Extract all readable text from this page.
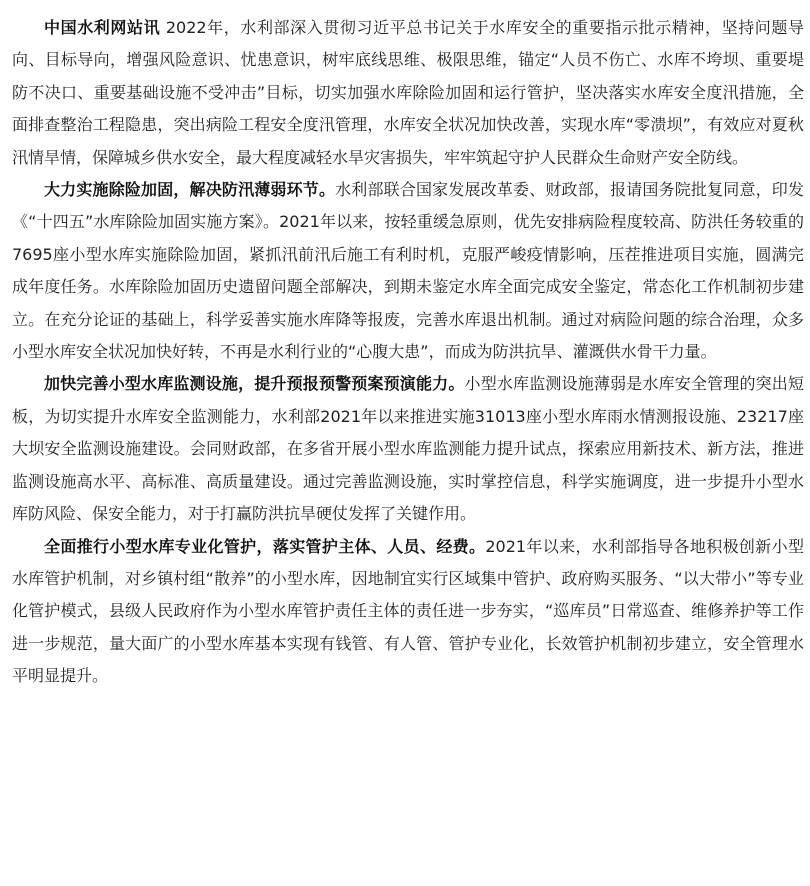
中国水利网站讯 2022年，水利部深入贯彻习近平总书记关于水库安全的重要指示批示精神，坚持问题导向、目标导向，增强风险意识、忧患意识，树牢底线思维、极限思维，锚定“人员不伤亡、水库不垮坝、重要堤防不决口、重要基础设施不受冲击”目标，切实加强水库除险加固和运行管护，坚决落实水库安全度汛措施，全面排查整治工程隐患，突出病险工程安全度汛管理，水库安全状况加快改善，实现水库“零溃坝”，有效应对夏秋汛情旱情，保障城乡供水安全，最大程度减轻水旱灾害损失，牢牢筑起守护人民群众生命财产安全防线。

大力实施除险加固，解决防汛薄弱环节。水利部联合国家发展改革委、财政部，报请国务院批复同意，印发《“十四五”水库除险加固实施方案》。2021年以来，按轻重缓急原则，优先安排病险程度较高、防洪任务较重的7695座小型水库实施除险加固，紧抓汛前汛后施工有利时机，克服严峻疫情影响，压茬推进项目实施，圆满完成年度任务。水库除险加固历史遗留问题全部解决，到期未鉴定水库全面完成安全鉴定，常态化工作机制初步建立。在充分论证的基础上，科学妥善实施水库降等报废，完善水库退出机制。通过对病险问题的综合治理，众多小型水库安全状况加快好转，不再是水利行业的“心腹大患”，而成为防洪抗旱、灌溉供水骨干力量。

加快完善小型水库监测设施，提升预报预警预案预演能力。小型水库监测设施薄弱是水库安全管理的突出短板，为切实提升水库安全监测能力，水利部2021年以来推进实施31013座小型水库雨水情测报设施、23217座大坝安全监测设施建设。会同财政部，在多省开展小型水库监测能力提升试点，探索应用新技术、新方法，推进监测设施高水平、高标准、高质量建设。通过完善监测设施，实时掌控信息，科学实施调度，进一步提升小型水库防风险、保安全能力，对于打赢防洪抗旱硬仗发挥了关键作用。

全面推行小型水库专业化管护，落实管护主体、人员、经费。2021年以来，水利部指导各地积极创新小型水库管护机制，对乡镇村组“散养”的小型水库，因地制宜实行区域集中管护、政府购买服务、“以大带小”等专业化管护模式，县级人民政府作为小型水库管护责任主体的责任进一步夯实，“巡库员”日常巡查、维修养护等工作进一步规范，量大面广的小型水库基本实现有钱管、有人管、管护专业化，长效管护机制初步建立，安全管理水平明显提升。
